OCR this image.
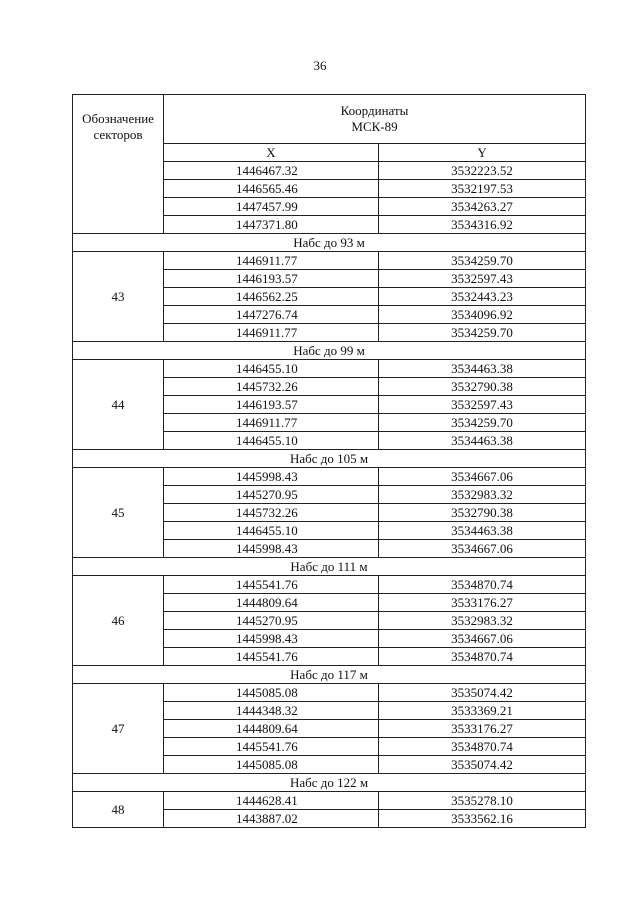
36
Обозначение секторов	Координаты
МСК-89	

	X	Y
	1446467.32	3532223.52
	1446565.46	3532197.53
	1447457.99	3534263.27
	1447371.80	3534316.92
Набс до 93 м		
43	1446911.77	3534259.70
	1446193.57	3532597.43
	1446562.25	3532443.23
	1447276.74	3534096.92
	1446911.77	3534259.70
Набс до 99 м		
44	1446455.10	3534463.38
	1445732.26	3532790.38
	1446193.57	3532597.43
	1446911.77	3534259.70
	1446455.10	3534463.38
Набс до 105 м		
45	1445998.43	3534667.06
	1445270.95	3532983.32
	1445732.26	3532790.38
	1446455.10	3534463.38
	1445998.43	3534667.06
Набс до 111 м		
46	1445541.76	3534870.74
	1444809.64	3533176.27
	1445270.95	3532983.32
	1445998.43	3534667.06
	1445541.76	3534870.74
Набс до 117 м		
47	1445085.08	3535074.42
	1444348.32	3533369.21
	1444809.64	3533176.27
	1445541.76	3534870.74
	1445085.08	3535074.42
Набс до 122 м		
48	1444628.41	3535278.10
	1443887.02	3533562.16
